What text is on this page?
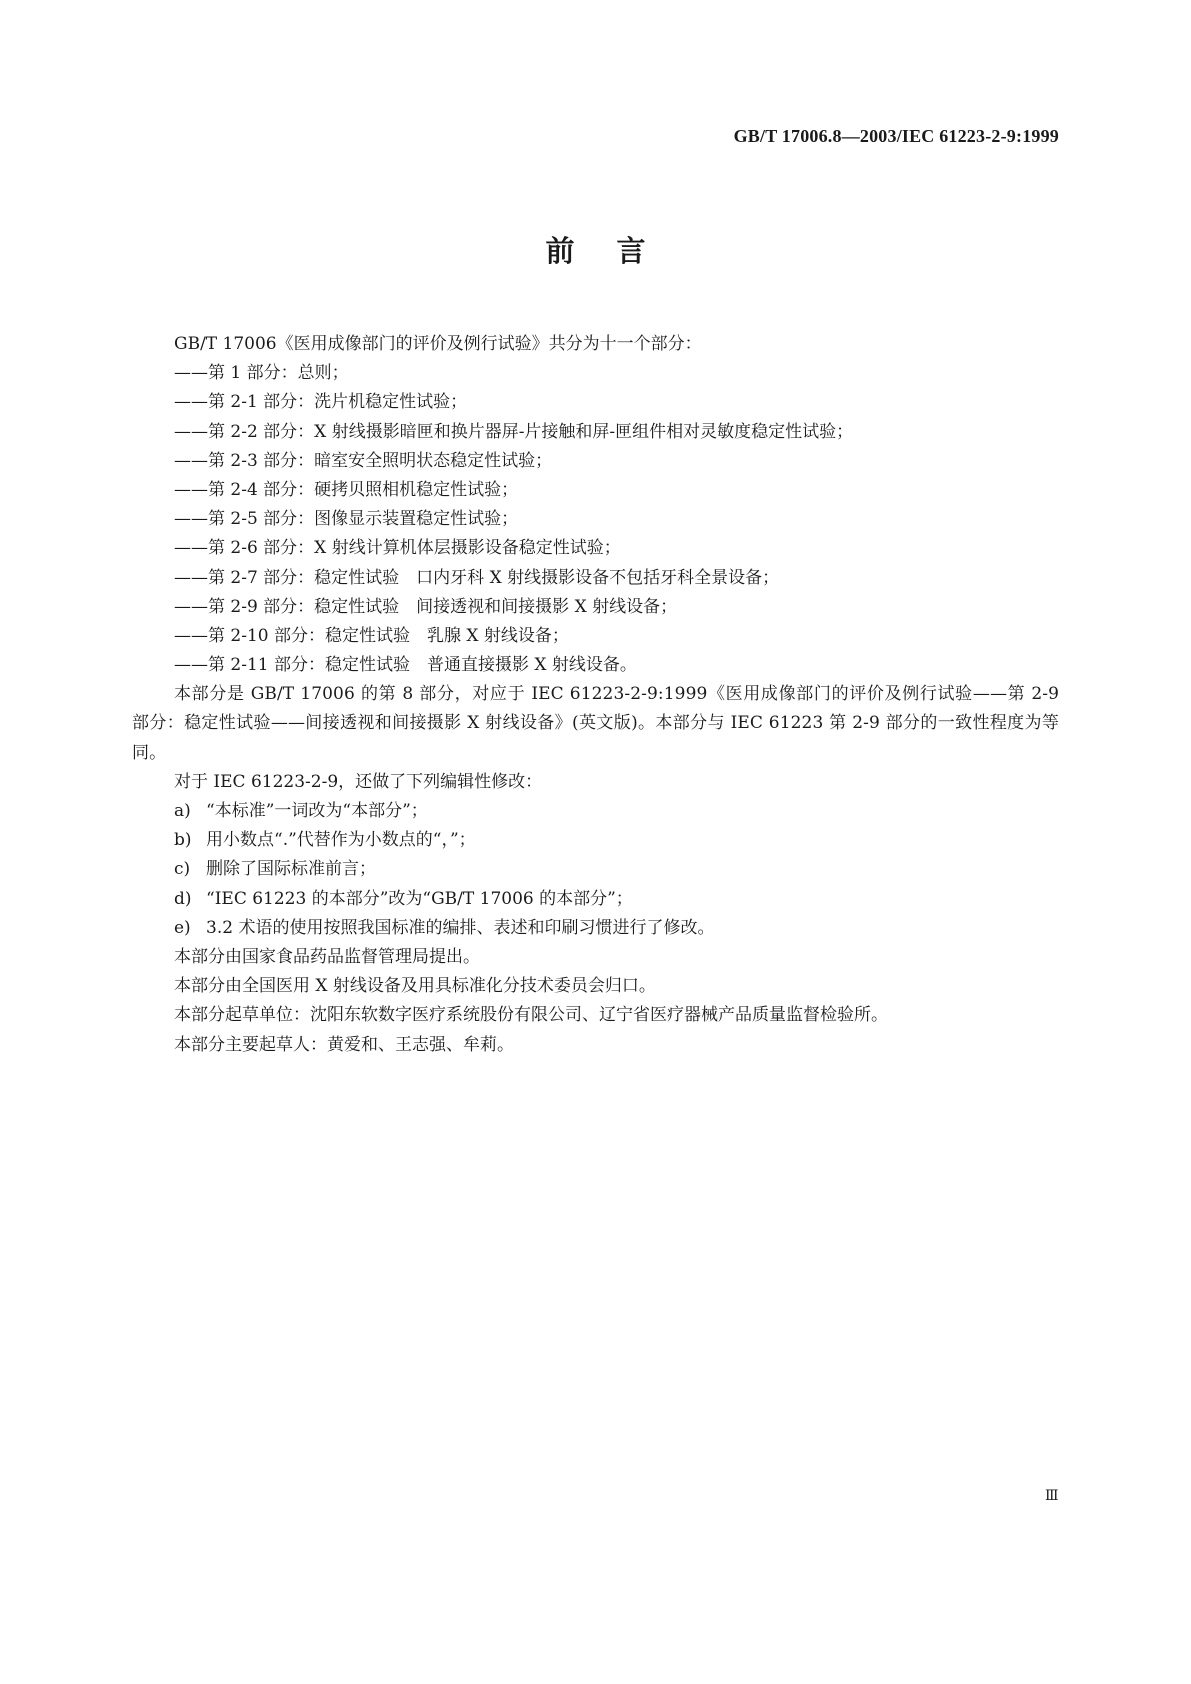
GB/T 17006.8—2003/IEC 61223-2-9:1999
前言
GB/T 17006《医用成像部门的评价及例行试验》共分为十一个部分：
——第 1 部分：总则；
——第 2-1 部分：洗片机稳定性试验；
——第 2-2 部分：X 射线摄影暗匣和换片器屏-片接触和屏-匣组件相对灵敏度稳定性试验；
——第 2-3 部分：暗室安全照明状态稳定性试验；
——第 2-4 部分：硬拷贝照相机稳定性试验；
——第 2-5 部分：图像显示装置稳定性试验；
——第 2-6 部分：X 射线计算机体层摄影设备稳定性试验；
——第 2-7 部分：稳定性试验　口内牙科 X 射线摄影设备不包括牙科全景设备；
——第 2-9 部分：稳定性试验　间接透视和间接摄影 X 射线设备；
——第 2-10 部分：稳定性试验　乳腺 X 射线设备；
——第 2-11 部分：稳定性试验　普通直接摄影 X 射线设备。
本部分是 GB/T 17006 的第 8 部分，对应于 IEC 61223-2-9:1999《医用成像部门的评价及例行试验——第 2-9 部分：稳定性试验——间接透视和间接摄影 X 射线设备》(英文版)。本部分与 IEC 61223 第 2-9 部分的一致性程度为等同。
对于 IEC 61223-2-9，还做了下列编辑性修改：
a) “本标准”一词改为“本部分”；
b) 用小数点“.”代替作为小数点的“，”；
c) 删除了国际标准前言；
d) “IEC 61223 的本部分”改为“GB/T 17006 的本部分”；
e) 3.2 术语的使用按照我国标准的编排、表述和印刷习惯进行了修改。
本部分由国家食品药品监督管理局提出。
本部分由全国医用 X 射线设备及用具标准化分技术委员会归口。
本部分起草单位：沈阳东软数字医疗系统股份有限公司、辽宁省医疗器械产品质量监督检验所。
本部分主要起草人：黄爱和、王志强、牟莉。
Ⅲ
